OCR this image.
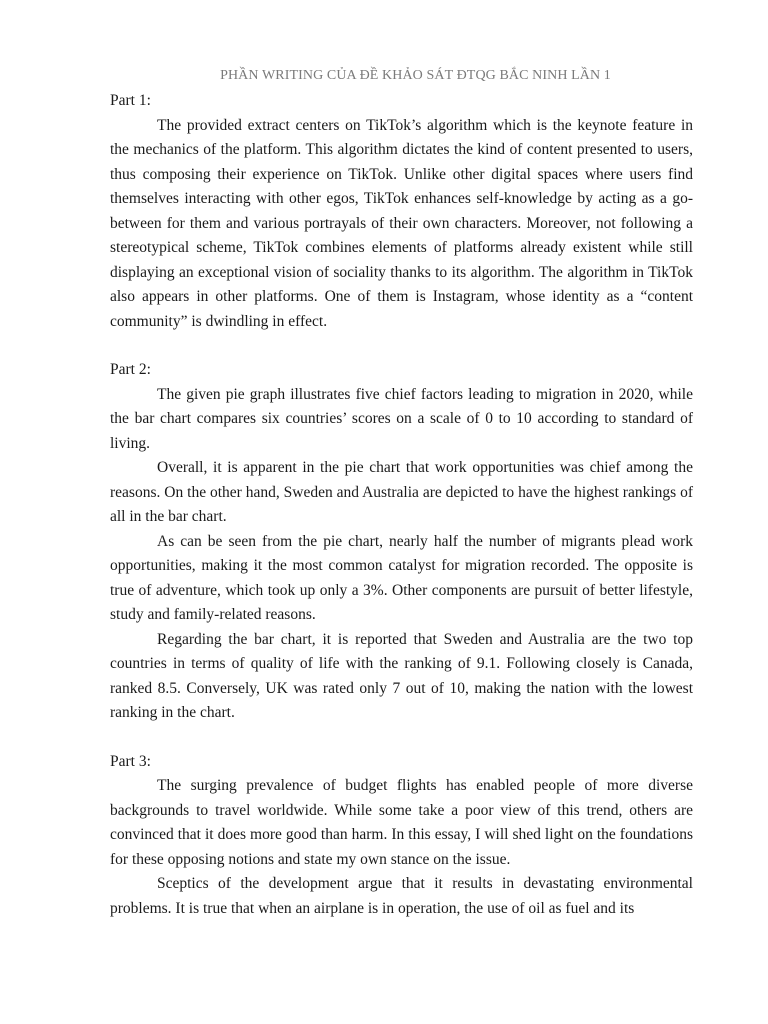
PHẦN WRITING CỦA ĐỀ KHẢO SÁT ĐTQG BẮC NINH LẦN 1
Part 1:

The provided extract centers on TikTok’s algorithm which is the keynote feature in the mechanics of the platform. This algorithm dictates the kind of content presented to users, thus composing their experience on TikTok. Unlike other digital spaces where users find themselves interacting with other egos, TikTok enhances self-knowledge by acting as a go-between for them and various portrayals of their own characters. Moreover, not following a stereotypical scheme, TikTok combines elements of platforms already existent while still displaying an exceptional vision of sociality thanks to its algorithm. The algorithm in TikTok also appears in other platforms. One of them is Instagram, whose identity as a “content community” is dwindling in effect.

Part 2:

The given pie graph illustrates five chief factors leading to migration in 2020, while the bar chart compares six countries’ scores on a scale of 0 to 10 according to standard of living.

Overall, it is apparent in the pie chart that work opportunities was chief among the reasons. On the other hand, Sweden and Australia are depicted to have the highest rankings of all in the bar chart.

As can be seen from the pie chart, nearly half the number of migrants plead work opportunities, making it the most common catalyst for migration recorded. The opposite is true of adventure, which took up only a 3%. Other components are pursuit of better lifestyle, study and family-related reasons.

Regarding the bar chart, it is reported that Sweden and Australia are the two top countries in terms of quality of life with the ranking of 9.1. Following closely is Canada, ranked 8.5. Conversely, UK was rated only 7 out of 10, making the nation with the lowest ranking in the chart.

Part 3:

The surging prevalence of budget flights has enabled people of more diverse backgrounds to travel worldwide. While some take a poor view of this trend, others are convinced that it does more good than harm. In this essay, I will shed light on the foundations for these opposing notions and state my own stance on the issue.

Sceptics of the development argue that it results in devastating environmental problems. It is true that when an airplane is in operation, the use of oil as fuel and its
